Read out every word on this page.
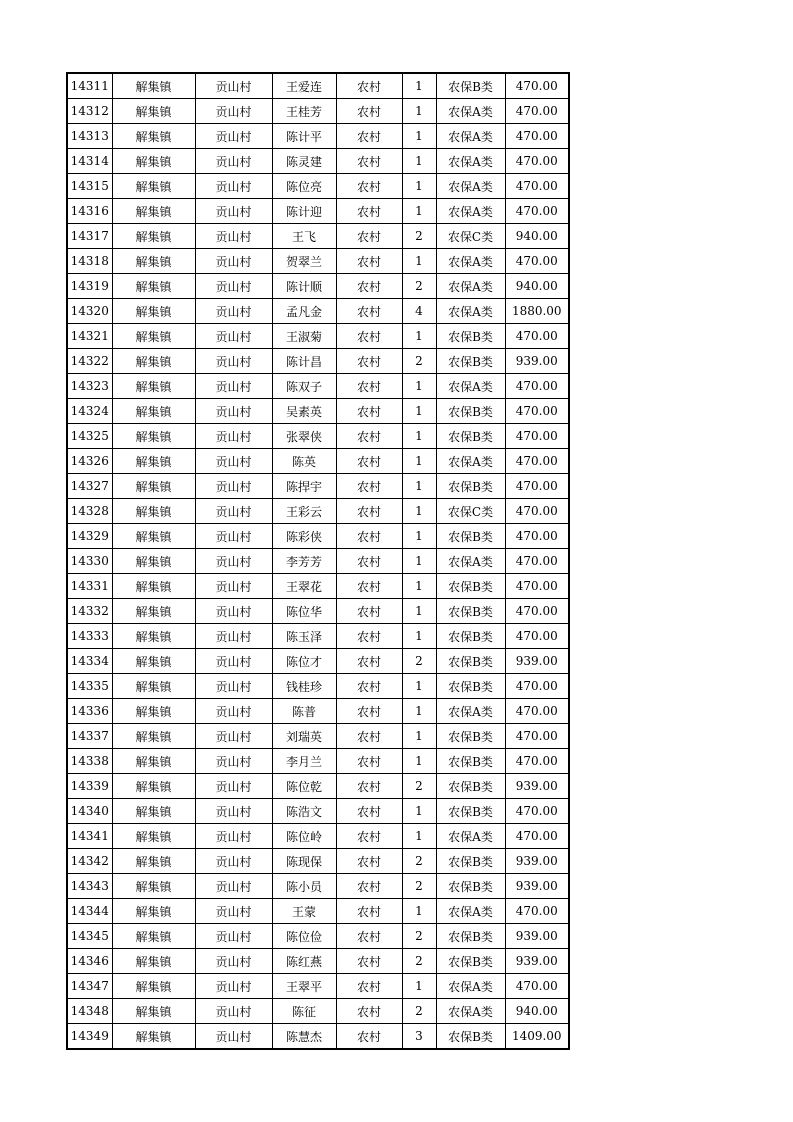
14311	解集镇	贡山村	王爱连	农村	1	农保B类	470.00
14312	解集镇	贡山村	王桂芳	农村	1	农保A类	470.00
14313	解集镇	贡山村	陈计平	农村	1	农保A类	470.00
14314	解集镇	贡山村	陈灵建	农村	1	农保A类	470.00
14315	解集镇	贡山村	陈位亮	农村	1	农保A类	470.00
14316	解集镇	贡山村	陈计迎	农村	1	农保A类	470.00
14317	解集镇	贡山村	王飞	农村	2	农保C类	940.00
14318	解集镇	贡山村	贺翠兰	农村	1	农保A类	470.00
14319	解集镇	贡山村	陈计顺	农村	2	农保A类	940.00
14320	解集镇	贡山村	孟凡金	农村	4	农保A类	1880.00
14321	解集镇	贡山村	王淑菊	农村	1	农保B类	470.00
14322	解集镇	贡山村	陈计昌	农村	2	农保B类	939.00
14323	解集镇	贡山村	陈双子	农村	1	农保A类	470.00
14324	解集镇	贡山村	吴素英	农村	1	农保B类	470.00
14325	解集镇	贡山村	张翠侠	农村	1	农保B类	470.00
14326	解集镇	贡山村	陈英	农村	1	农保A类	470.00
14327	解集镇	贡山村	陈捍宇	农村	1	农保B类	470.00
14328	解集镇	贡山村	王彩云	农村	1	农保C类	470.00
14329	解集镇	贡山村	陈彩侠	农村	1	农保B类	470.00
14330	解集镇	贡山村	李芳芳	农村	1	农保A类	470.00
14331	解集镇	贡山村	王翠花	农村	1	农保B类	470.00
14332	解集镇	贡山村	陈位华	农村	1	农保B类	470.00
14333	解集镇	贡山村	陈玉泽	农村	1	农保B类	470.00
14334	解集镇	贡山村	陈位才	农村	2	农保B类	939.00
14335	解集镇	贡山村	钱桂珍	农村	1	农保B类	470.00
14336	解集镇	贡山村	陈普	农村	1	农保A类	470.00
14337	解集镇	贡山村	刘瑞英	农村	1	农保B类	470.00
14338	解集镇	贡山村	李月兰	农村	1	农保B类	470.00
14339	解集镇	贡山村	陈位乾	农村	2	农保B类	939.00
14340	解集镇	贡山村	陈浩文	农村	1	农保B类	470.00
14341	解集镇	贡山村	陈位岭	农村	1	农保A类	470.00
14342	解集镇	贡山村	陈现保	农村	2	农保B类	939.00
14343	解集镇	贡山村	陈小员	农村	2	农保B类	939.00
14344	解集镇	贡山村	王蒙	农村	1	农保A类	470.00
14345	解集镇	贡山村	陈位俭	农村	2	农保B类	939.00
14346	解集镇	贡山村	陈红燕	农村	2	农保B类	939.00
14347	解集镇	贡山村	王翠平	农村	1	农保A类	470.00
14348	解集镇	贡山村	陈征	农村	2	农保A类	940.00
14349	解集镇	贡山村	陈慧杰	农村	3	农保B类	1409.00
